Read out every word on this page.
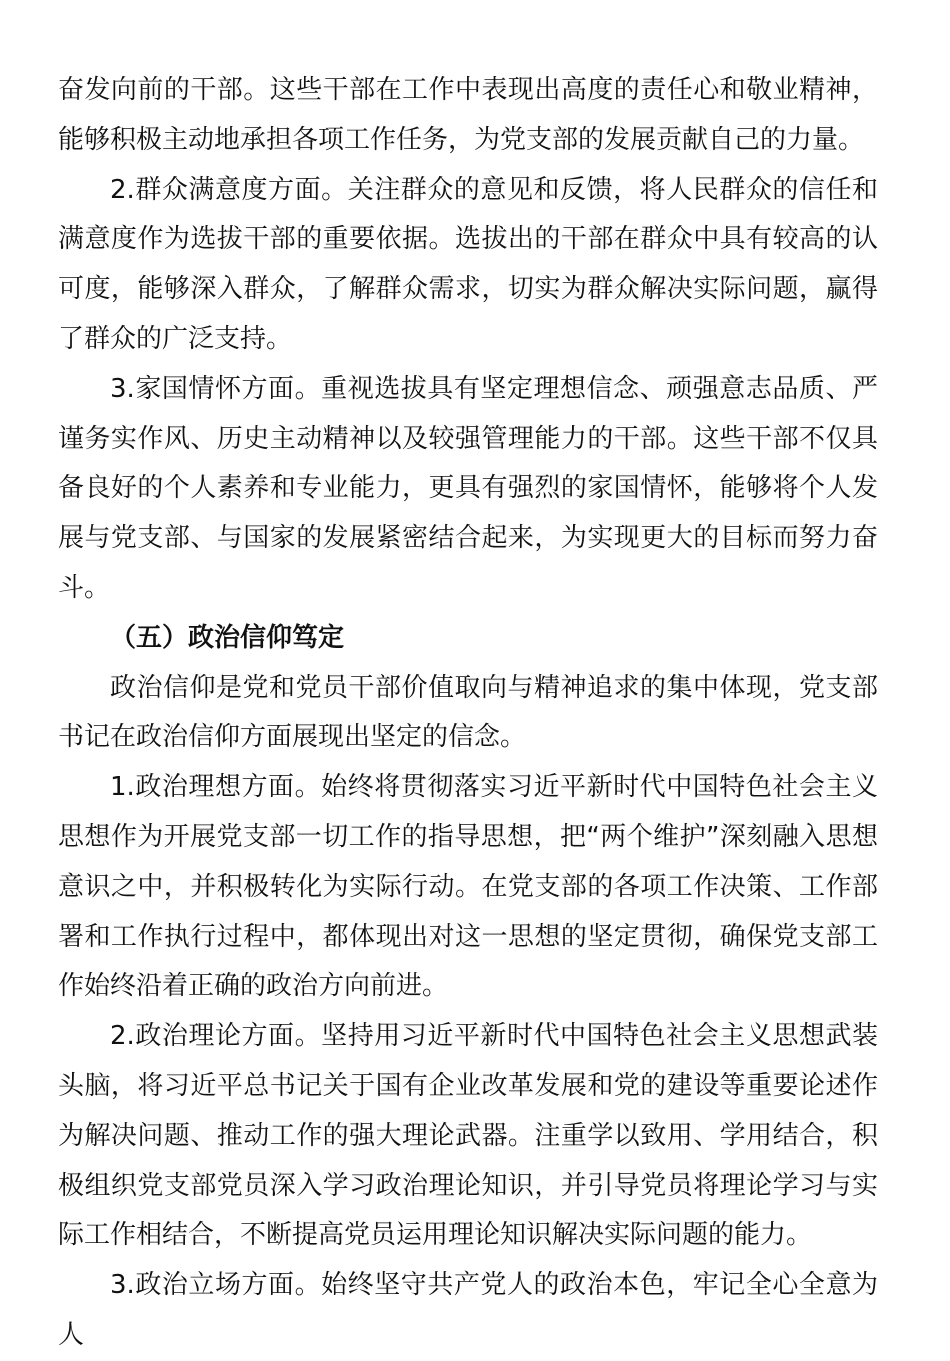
奋发向前的干部。这些干部在工作中表现出高度的责任心和敬业精神，能够积极主动地承担各项工作任务，为党支部的发展贡献自己的力量。

2.群众满意度方面。关注群众的意见和反馈，将人民群众的信任和满意度作为选拔干部的重要依据。选拔出的干部在群众中具有较高的认可度，能够深入群众，了解群众需求，切实为群众解决实际问题，赢得了群众的广泛支持。

3.家国情怀方面。重视选拔具有坚定理想信念、顽强意志品质、严谨务实作风、历史主动精神以及较强管理能力的干部。这些干部不仅具备良好的个人素养和专业能力，更具有强烈的家国情怀，能够将个人发展与党支部、与国家的发展紧密结合起来，为实现更大的目标而努力奋斗。

（五）政治信仰笃定

政治信仰是党和党员干部价值取向与精神追求的集中体现，党支部书记在政治信仰方面展现出坚定的信念。

1.政治理想方面。始终将贯彻落实习近平新时代中国特色社会主义思想作为开展党支部一切工作的指导思想，把“两个维护”深刻融入思想意识之中，并积极转化为实际行动。在党支部的各项工作决策、工作部署和工作执行过程中，都体现出对这一思想的坚定贯彻，确保党支部工作始终沿着正确的政治方向前进。

2.政治理论方面。坚持用习近平新时代中国特色社会主义思想武装头脑，将习近平总书记关于国有企业改革发展和党的建设等重要论述作为解决问题、推动工作的强大理论武器。注重学以致用、学用结合，积极组织党支部党员深入学习政治理论知识，并引导党员将理论学习与实际工作相结合，不断提高党员运用理论知识解决实际问题的能力。

3.政治立场方面。始终坚守共产党人的政治本色，牢记全心全意为人
